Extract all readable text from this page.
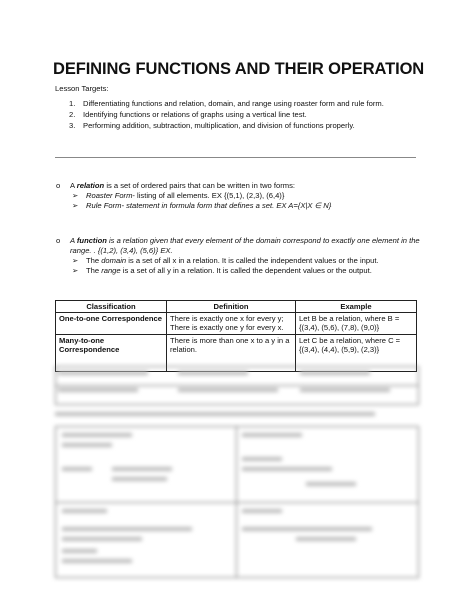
DEFINING FUNCTIONS AND THEIR OPERATION
Lesson Targets:
1. Differentiating functions and relation, domain, and range using roaster form and rule form.
2. Identifying functions or relations of graphs using a vertical line test.
3. Performing addition, subtraction, multiplication, and division of functions properly.
o	A relation is a set of ordered pairs that can be written in two forms:
➢ Roaster Form- listing of all elements. EX {(5,1), (2,3), (6,4)}
➢ Rule Form- statement in formula form that defines a set. EX A={X|X ∈ N}
o	A function is a relation given that every element of the domain correspond to exactly one element in the range. . {(1,2), (3,4), (5,6)} EX.
➢ The domain is a set of all x in a relation. It is called the independent values or the input.
➢ The range is a set of all y in a relation. It is called the dependent values or the output.
Classification	Definition	Example
One-to-one Correspondence	There is exactly one x for every y; There is exactly one y for every x.	Let B be a relation, where B ={(3,4), (5,6), (7,8), (9,0)}

Many-to-one Correspondence	There is more than one x to a y in a relation.	Let C be a relation, where C = {(3,4), (4,4), (5,9), (2,3)}
